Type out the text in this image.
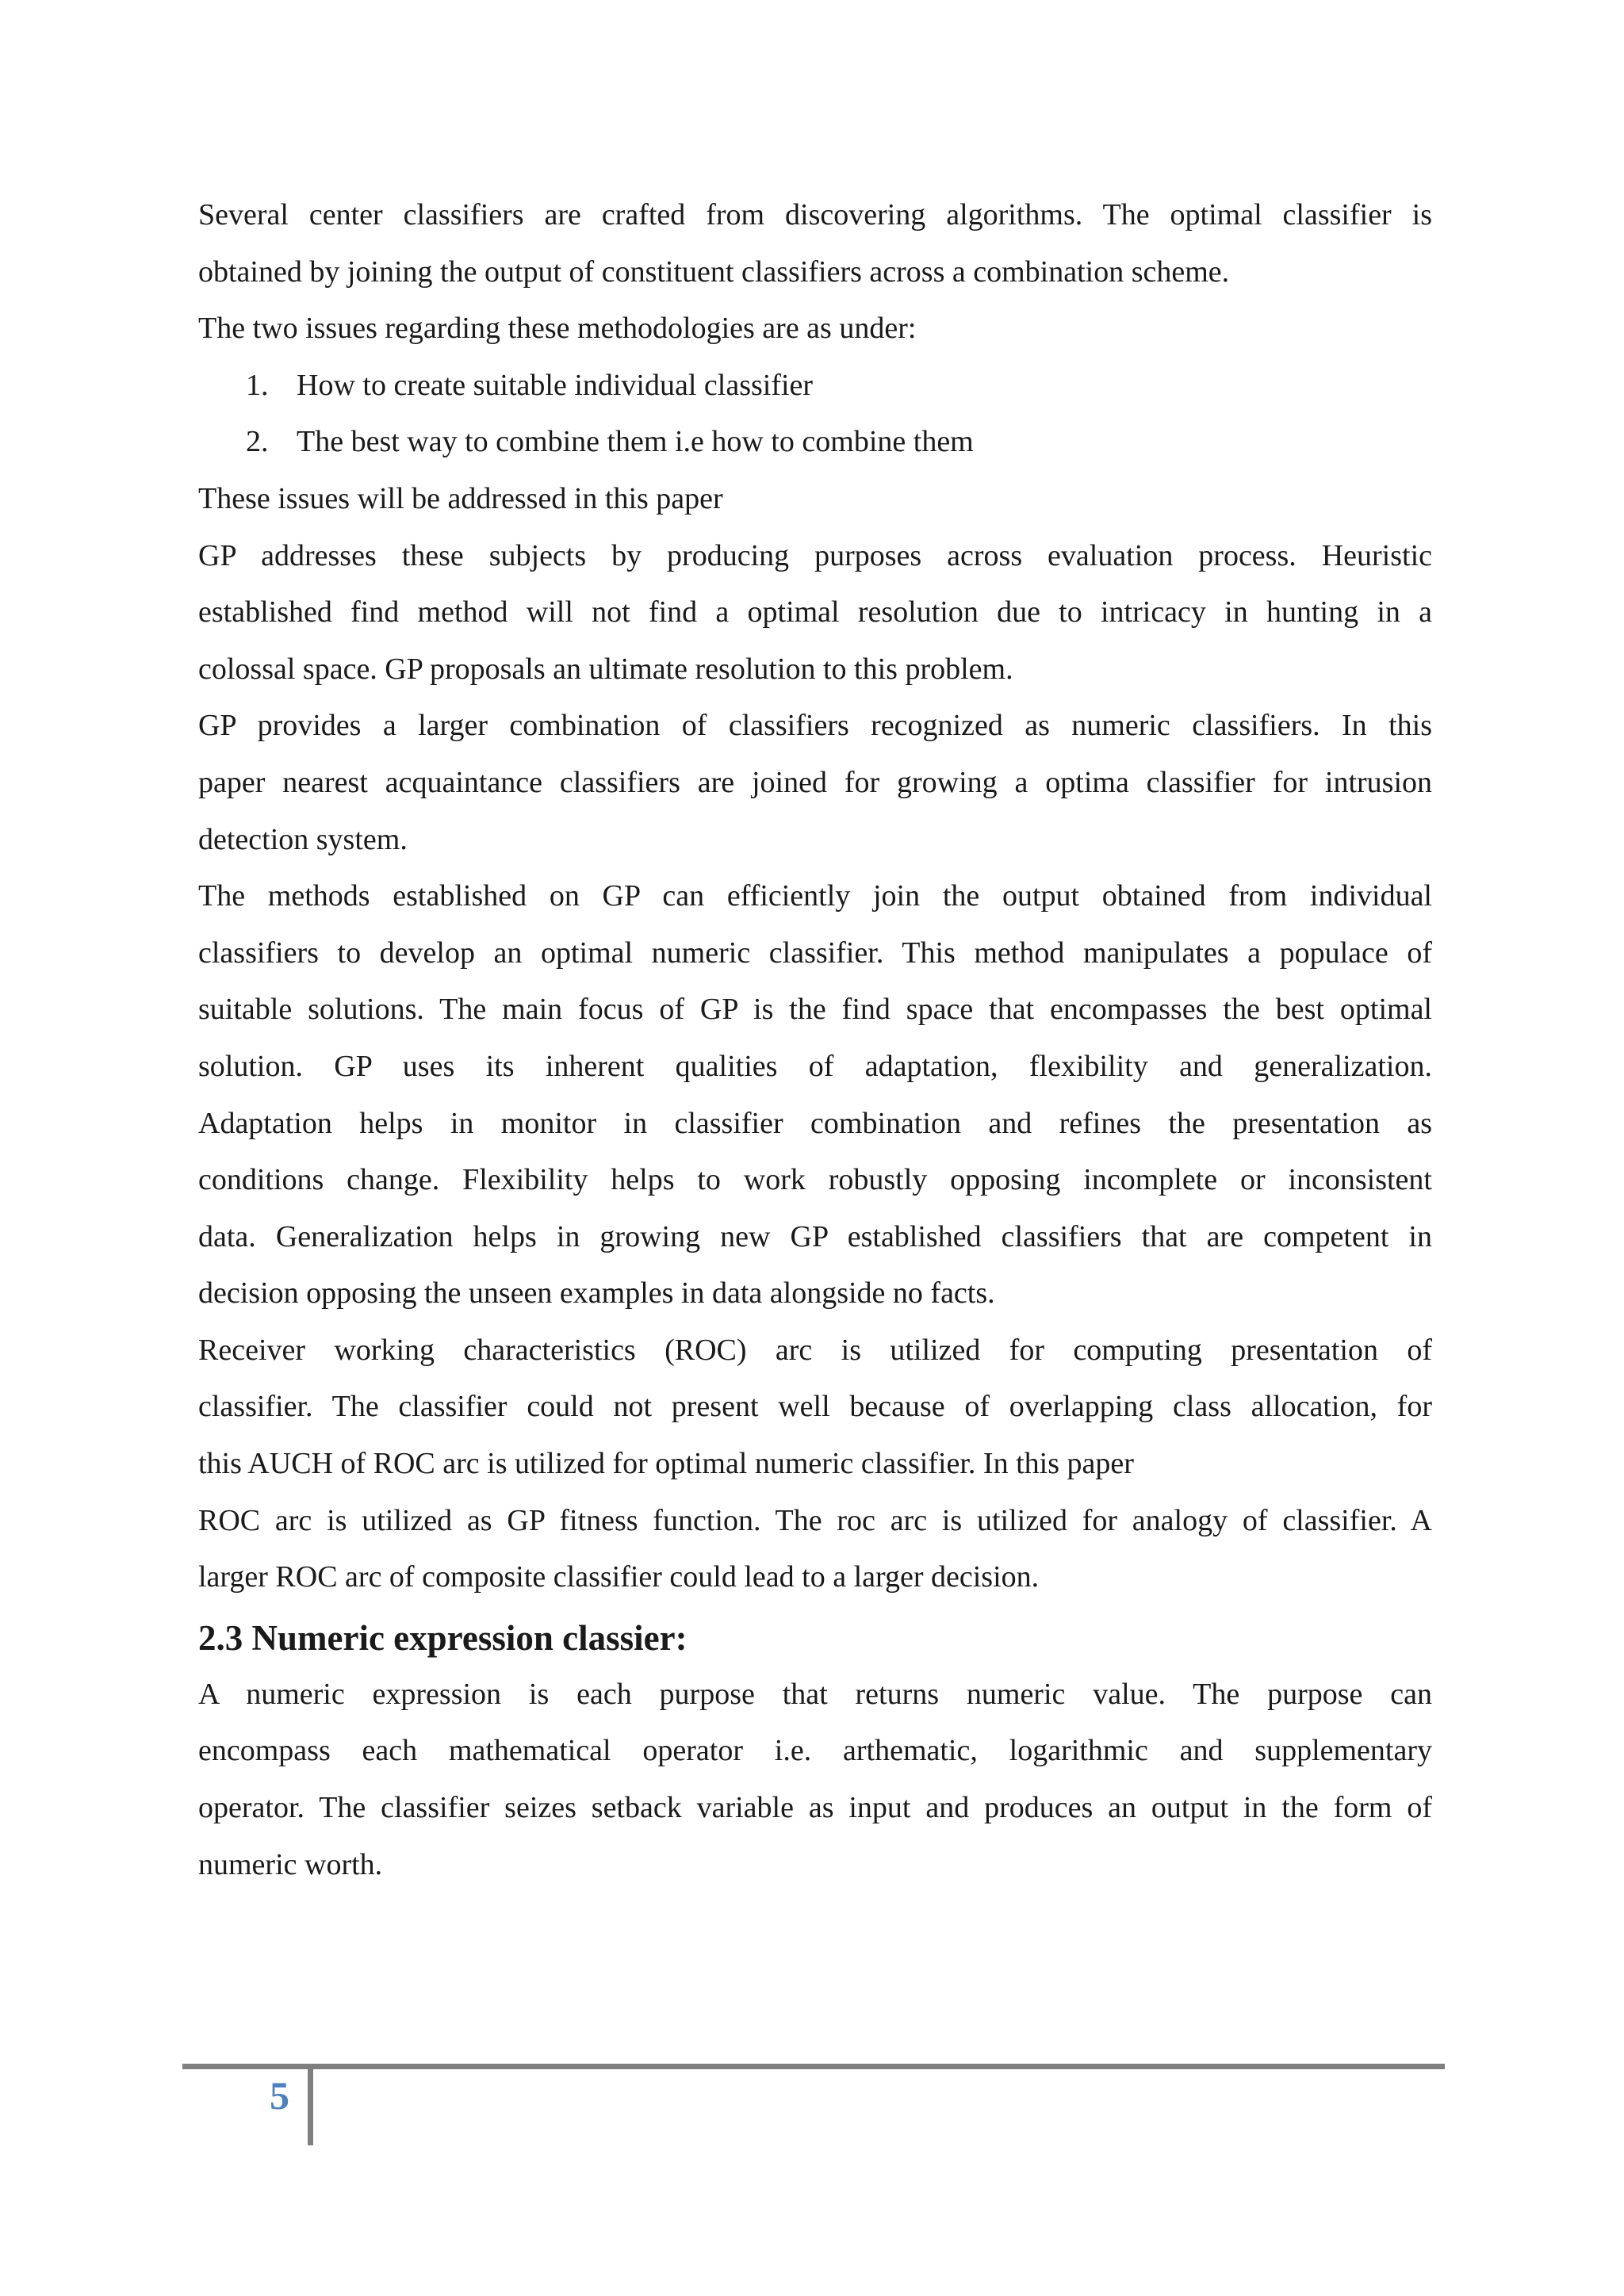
Several center classifiers are crafted from discovering algorithms. The optimal classifier is
obtained by joining the output of constituent classifiers across a combination scheme.
The two issues regarding these methodologies are as under:
1. How to create suitable individual classifier
2. The best way to combine them i.e how to combine them
These issues will be addressed in this paper
GP addresses these subjects by producing purposes across evaluation process. Heuristic
established find method will not find a optimal resolution due to intricacy in hunting in a
colossal space. GP proposals an ultimate resolution to this problem.
GP provides a larger combination of classifiers recognized as numeric classifiers. In this
paper nearest acquaintance classifiers are joined for growing a optima classifier for intrusion
detection system.
The methods established on GP can efficiently join the output obtained from individual
classifiers to develop an optimal numeric classifier. This method manipulates a populace of
suitable solutions. The main focus of GP is the find space that encompasses the best optimal
solution. GP uses its inherent qualities of adaptation, flexibility and generalization.
Adaptation helps in monitor in classifier combination and refines the presentation as
conditions change. Flexibility helps to work robustly opposing incomplete or inconsistent
data. Generalization helps in growing new GP established classifiers that are competent in
decision opposing the unseen examples in data alongside no facts.
Receiver working characteristics (ROC) arc is utilized for computing presentation of
classifier. The classifier could not present well because of overlapping class allocation, for
this AUCH of ROC arc is utilized for optimal numeric classifier. In this paper
ROC arc is utilized as GP fitness function. The roc arc is utilized for analogy of classifier. A
larger ROC arc of composite classifier could lead to a larger decision.
2.3 Numeric expression classier:
A numeric expression is each purpose that returns numeric value. The purpose can
encompass each mathematical operator i.e. arthematic, logarithmic and supplementary
operator. The classifier seizes setback variable as input and produces an output in the form of
numeric worth.
5
